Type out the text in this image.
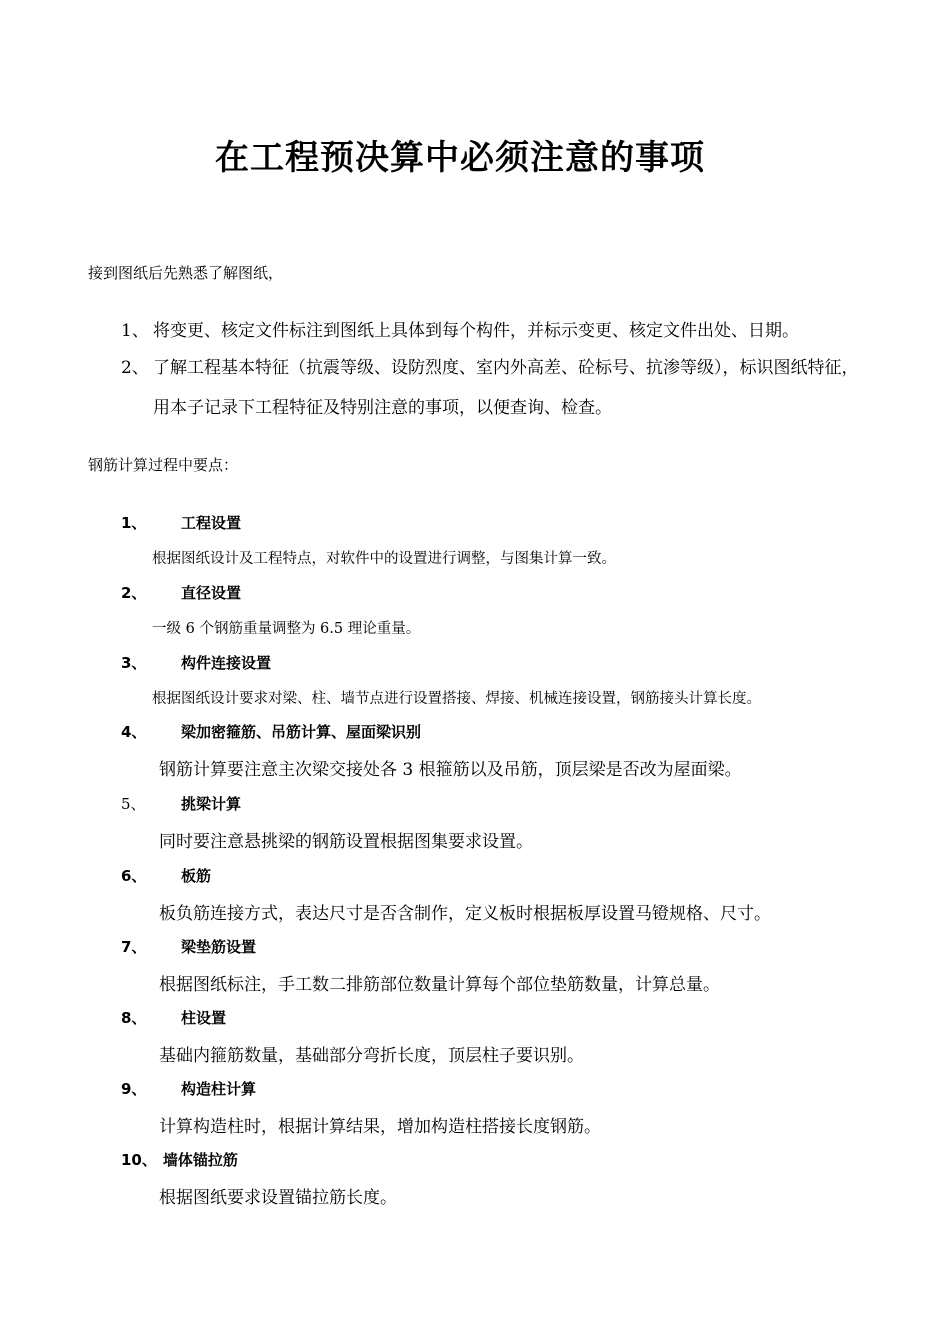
在工程预决算中必须注意的事项
接到图纸后先熟悉了解图纸，
1、 将变更、核定文件标注到图纸上具体到每个构件，并标示变更、核定文件出处、日期。
2、 了解工程基本特征（抗震等级、设防烈度、室内外高差、砼标号、抗渗等级），标识图纸特征，用本子记录下工程特征及特别注意的事项，以便查询、检查。
钢筋计算过程中要点：
1、 工程设置
根据图纸设计及工程特点，对软件中的设置进行调整，与图集计算一致。
2、 直径设置
一级 6 个钢筋重量调整为 6.5 理论重量。
3、 构件连接设置
根据图纸设计要求对梁、柱、墙节点进行设置搭接、焊接、机械连接设置，钢筋接头计算长度。
4、 梁加密箍筋、吊筋计算、屋面梁识别
钢筋计算要注意主次梁交接处各 3 根箍筋以及吊筋，顶层梁是否改为屋面梁。
5、 挑梁计算
同时要注意悬挑梁的钢筋设置根据图集要求设置。
6、 板筋
板负筋连接方式，表达尺寸是否含制作，定义板时根据板厚设置马镫规格、尺寸。
7、 梁垫筋设置
根据图纸标注，手工数二排筋部位数量计算每个部位垫筋数量，计算总量。
8、 柱设置
基础内箍筋数量，基础部分弯折长度，顶层柱子要识别。
9、 构造柱计算
计算构造柱时，根据计算结果，增加构造柱搭接长度钢筋。
10、 墙体锚拉筋
根据图纸要求设置锚拉筋长度。
